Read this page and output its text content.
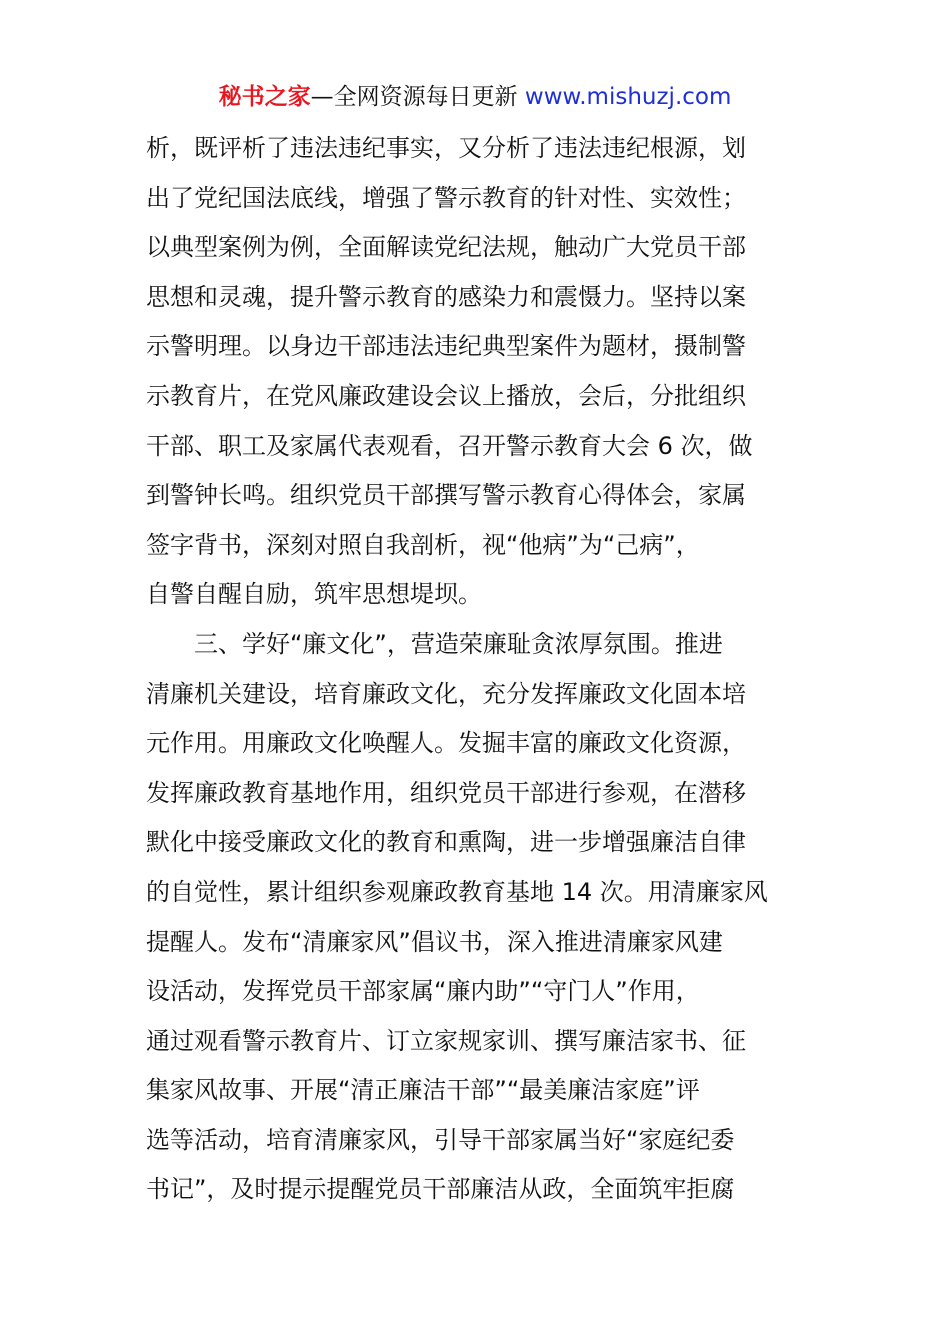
秘书之家—全网资源每日更新 www.mishuzj.com
析，既评析了违法违纪事实，又分析了违法违纪根源，划
出了党纪国法底线，增强了警示教育的针对性、实效性；
以典型案例为例，全面解读党纪法规，触动广大党员干部
思想和灵魂，提升警示教育的感染力和震慑力。坚持以案
示警明理。以身边干部违法违纪典型案件为题材，摄制警
示教育片，在党风廉政建设会议上播放，会后，分批组织
干部、职工及家属代表观看，召开警示教育大会 6 次，做
到警钟长鸣。组织党员干部撰写警示教育心得体会，家属
签字背书，深刻对照自我剖析，视“他病”为“己病”，
自警自醒自励，筑牢思想堤坝。
　　三、学好“廉文化”，营造荣廉耻贪浓厚氛围。推进
清廉机关建设，培育廉政文化，充分发挥廉政文化固本培
元作用。用廉政文化唤醒人。发掘丰富的廉政文化资源，
发挥廉政教育基地作用，组织党员干部进行参观，在潜移
默化中接受廉政文化的教育和熏陶，进一步增强廉洁自律
的自觉性，累计组织参观廉政教育基地 14 次。用清廉家风
提醒人。发布“清廉家风”倡议书，深入推进清廉家风建
设活动，发挥党员干部家属“廉内助”“守门人”作用，
通过观看警示教育片、订立家规家训、撰写廉洁家书、征
集家风故事、开展“清正廉洁干部”“最美廉洁家庭”评
选等活动，培育清廉家风，引导干部家属当好“家庭纪委
书记”，及时提示提醒党员干部廉洁从政，全面筑牢拒腐
